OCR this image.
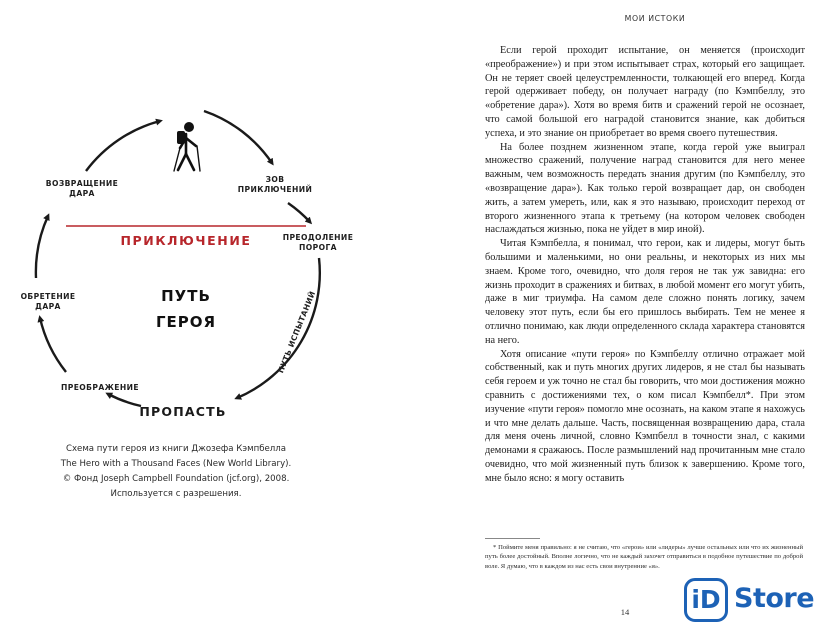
ЗОВ
ПРИКЛЮЧЕНИЙ
ПРЕОДОЛЕНИЕ
ПОРОГА
ПУТЬ ИСПЫТАНИЙ
ПРОПАСТЬ
ПРЕОБРАЖЕНИЕ
ОБРЕТЕНИЕ
ДАРА
ВОЗВРАЩЕНИЕ
ДАРА
ПРИКЛЮЧЕНИЕ
ПУТЬ
ГЕРОЯ
Схема пути героя из книги Джозефа Кэмпбелла
The Hero with a Thousand Faces (New World Library).
© Фонд Joseph Campbell Foundation (jcf.org), 2008.
Используется с разрешения.
МОИ ИСТОКИ

Если герой проходит испытание, он меняется (происходит «преображение») и при этом испытывает страх, который его защищает. Он не теряет своей целеустремленности, толкающей его вперед. Когда герой одерживает победу, он получает награду (по Кэмпбеллу, это «обретение дара»). Хотя во время битв и сражений герой не осознает, что самой большой его наградой становится знание, как добиться успеха, и это знание он приобретает во время своего путешествия.

На более позднем жизненном этапе, когда герой уже выиграл множество сражений, получение наград становится для него менее важным, чем возможность передать знания другим (по Кэмпбеллу, это «возвращение дара»). Как только герой возвращает дар, он свободен жить, а затем умереть, или, как я это называю, происходит переход от второго жизненного этапа к третьему (на котором человек свободен наслаждаться жизнью, пока не уйдет в мир иной).

Читая Кэмпбелла, я понимал, что герои, как и лидеры, могут быть большими и маленькими, но они реальны, и некоторых из них мы знаем. Кроме того, очевидно, что доля героя не так уж завидна: его жизнь проходит в сражениях и битвах, в любой момент его могут убить, даже в миг триумфа. На самом деле сложно понять логику, зачем человеку этот путь, если бы его пришлось выбирать. Тем не менее я отлично понимаю, как люди определенного склада характера становятся на него.

Хотя описание «пути героя» по Кэмпбеллу отлично отражает мой собственный, как и путь многих других лидеров, я не стал бы называть себя героем и уж точно не стал бы говорить, что мои достижения можно сравнить с достижениями тех, о ком писал Кэмпбелл*. При этом изучение «пути героя» помогло мне осознать, на каком этапе я нахожусь и что мне делать дальше. Часть, посвященная возвращению дара, стала для меня очень личной, словно Кэмпбелл в точности знал, с какими демонами я сражаюсь. После размышлений над прочитанным мне стало очевидно, что мой жизненный путь близок к завершению. Кроме того, мне было ясно: я могу оставить

* Поймите меня правильно: я не считаю, что «герои» или «лидеры» лучше остальных или что их жизненный путь более достойный. Вполне логично, что не каждый захочет отправиться в подобное путешествие по доброй воле. Я думаю, что в каждом из нас есть свои внутренние «я».
14	iD Store
